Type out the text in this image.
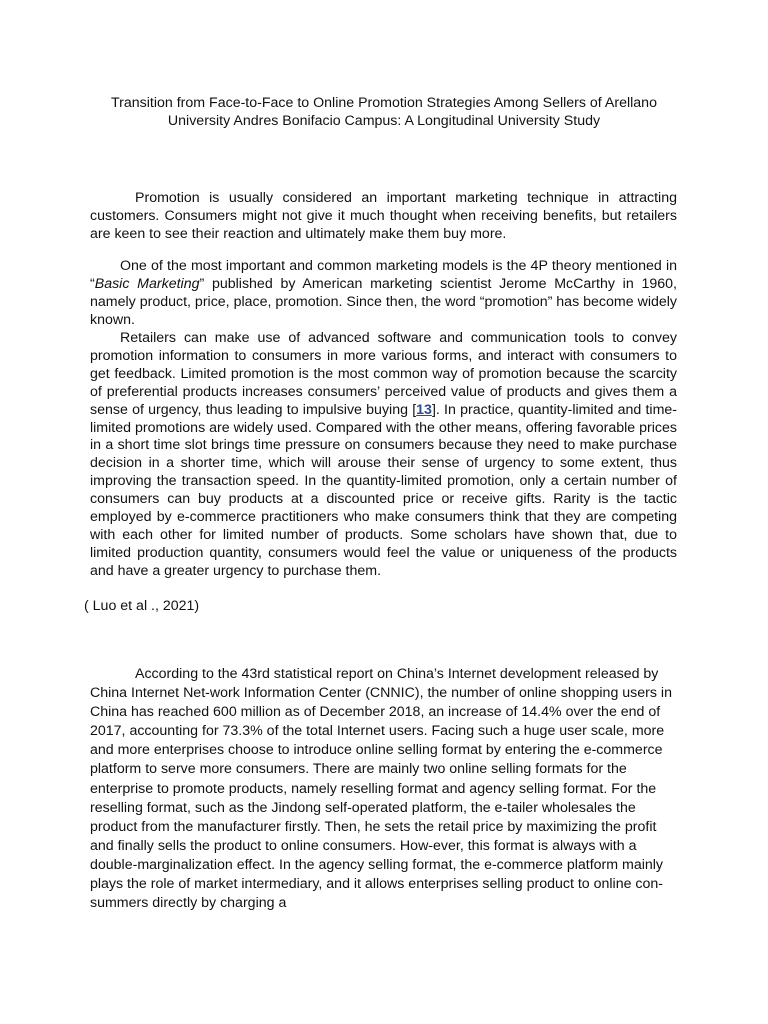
Transition from Face-to-Face to Online Promotion Strategies Among Sellers of Arellano
University Andres Bonifacio Campus: A Longitudinal University Study

Promotion is usually considered an important marketing technique in attracting customers. Consumers might not give it much thought when receiving benefits, but retailers are keen to see their reaction and ultimately make them buy more.

One of the most important and common marketing models is the 4P theory mentioned in “Basic Marketing” published by American marketing scientist Jerome McCarthy in 1960, namely product, price, place, promotion. Since then, the word “promotion” has become widely known.

Retailers can make use of advanced software and communication tools to convey promotion information to consumers in more various forms, and interact with consumers to get feedback. Limited promotion is the most common way of promotion because the scarcity of preferential products increases consumers’ perceived value of products and gives them a sense of urgency, thus leading to impulsive buying [13]. In practice, quantity-limited and time-limited promotions are widely used. Compared with the other means, offering favorable prices in a short time slot brings time pressure on consumers because they need to make purchase decision in a shorter time, which will arouse their sense of urgency to some extent, thus improving the transaction speed. In the quantity-limited promotion, only a certain number of consumers can buy products at a discounted price or receive gifts. Rarity is the tactic employed by e-commerce practitioners who make consumers think that they are competing with each other for limited number of products. Some scholars have shown that, due to limited production quantity, consumers would feel the value or uniqueness of the products and have a greater urgency to purchase them.

( Luo et al ., 2021)

According to the 43rd statistical report on China’s Internet development released by China Internet Net-work Information Center (CNNIC), the number of online shopping users in China has reached 600 million as of December 2018, an increase of 14.4% over the end of 2017, accounting for 73.3% of the total Internet users. Facing such a huge user scale, more and more enterprises choose to introduce online selling format by entering the e-commerce platform to serve more consumers. There are mainly two online selling formats for the enterprise to promote products, namely reselling format and agency selling format. For the reselling format, such as the Jindong self-operated platform, the e-tailer wholesales the product from the manufacturer firstly. Then, he sets the retail price by maximizing the profit and finally sells the product to online consumers. How-ever, this format is always with a double-marginalization effect. In the agency selling format, the e-commerce platform mainly plays the role of market intermediary, and it allows enterprises selling product to online con-summers directly by charging a
